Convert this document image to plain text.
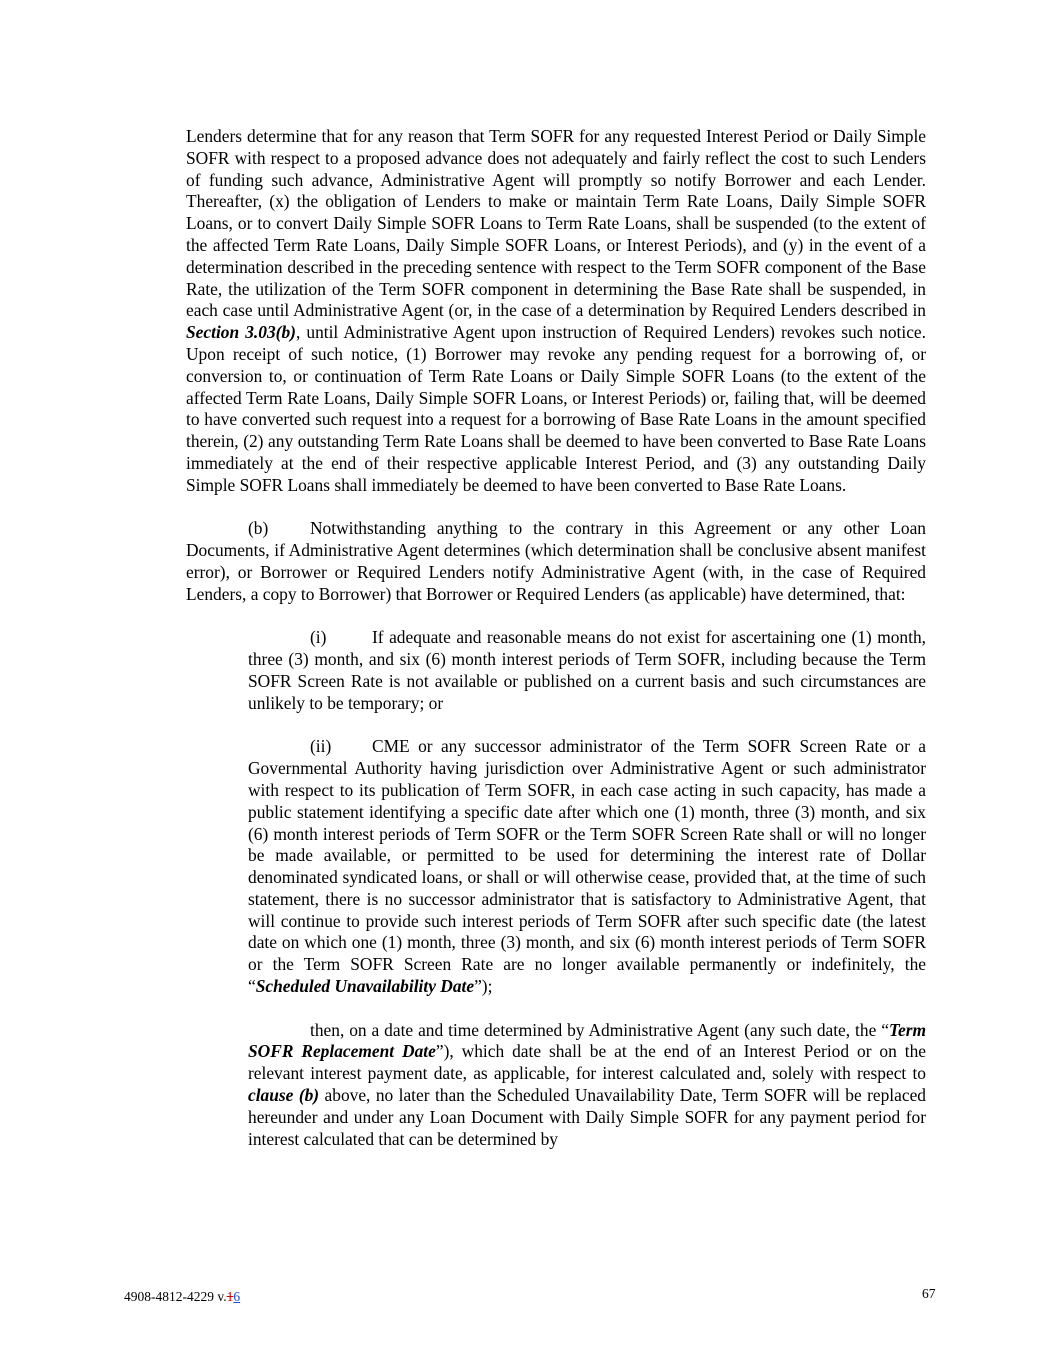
Lenders determine that for any reason that Term SOFR for any requested Interest Period or Daily Simple SOFR with respect to a proposed advance does not adequately and fairly reflect the cost to such Lenders of funding such advance, Administrative Agent will promptly so notify Borrower and each Lender. Thereafter, (x) the obligation of Lenders to make or maintain Term Rate Loans, Daily Simple SOFR Loans, or to convert Daily Simple SOFR Loans to Term Rate Loans, shall be suspended (to the extent of the affected Term Rate Loans, Daily Simple SOFR Loans, or Interest Periods), and (y) in the event of a determination described in the preceding sentence with respect to the Term SOFR component of the Base Rate, the utilization of the Term SOFR component in determining the Base Rate shall be suspended, in each case until Administrative Agent (or, in the case of a determination by Required Lenders described in Section 3.03(b), until Administrative Agent upon instruction of Required Lenders) revokes such notice. Upon receipt of such notice, (1) Borrower may revoke any pending request for a borrowing of, or conversion to, or continuation of Term Rate Loans or Daily Simple SOFR Loans (to the extent of the affected Term Rate Loans, Daily Simple SOFR Loans, or Interest Periods) or, failing that, will be deemed to have converted such request into a request for a borrowing of Base Rate Loans in the amount specified therein, (2) any outstanding Term Rate Loans shall be deemed to have been converted to Base Rate Loans immediately at the end of their respective applicable Interest Period, and (3) any outstanding Daily Simple SOFR Loans shall immediately be deemed to have been converted to Base Rate Loans.

(b) Notwithstanding anything to the contrary in this Agreement or any other Loan Documents, if Administrative Agent determines (which determination shall be conclusive absent manifest error), or Borrower or Required Lenders notify Administrative Agent (with, in the case of Required Lenders, a copy to Borrower) that Borrower or Required Lenders (as applicable) have determined, that:

(i)	If adequate and reasonable means do not exist for ascertaining one (1) month, three (3) month, and six (6) month interest periods of Term SOFR, including because the Term SOFR Screen Rate is not available or published on a current basis and such circumstances are unlikely to be temporary; or

(ii) CME or any successor administrator of the Term SOFR Screen Rate or a Governmental Authority having jurisdiction over Administrative Agent or such administrator with respect to its publication of Term SOFR, in each case acting in such capacity, has made a public statement identifying a specific date after which one (1) month, three (3) month, and six (6) month interest periods of Term SOFR or the Term SOFR Screen Rate shall or will no longer be made available, or permitted to be used for determining the interest rate of Dollar denominated syndicated loans, or shall or will otherwise cease, provided that, at the time of such statement, there is no successor administrator that is satisfactory to Administrative Agent, that will continue to provide such interest periods of Term SOFR after such specific date (the latest date on which one (1) month, three (3) month, and six (6) month interest periods of Term SOFR or the Term SOFR Screen Rate are no longer available permanently or indefinitely, the “Scheduled Unavailability Date”);

then, on a date and time determined by Administrative Agent (any such date, the “Term SOFR Replacement Date”), which date shall be at the end of an Interest Period or on the relevant interest payment date, as applicable, for interest calculated and, solely with respect to clause (b) above, no later than the Scheduled Unavailability Date, Term SOFR will be replaced hereunder and under any Loan Document with Daily Simple SOFR for any payment period for interest calculated that can be determined by

4908-4812-4229 v.16	67
